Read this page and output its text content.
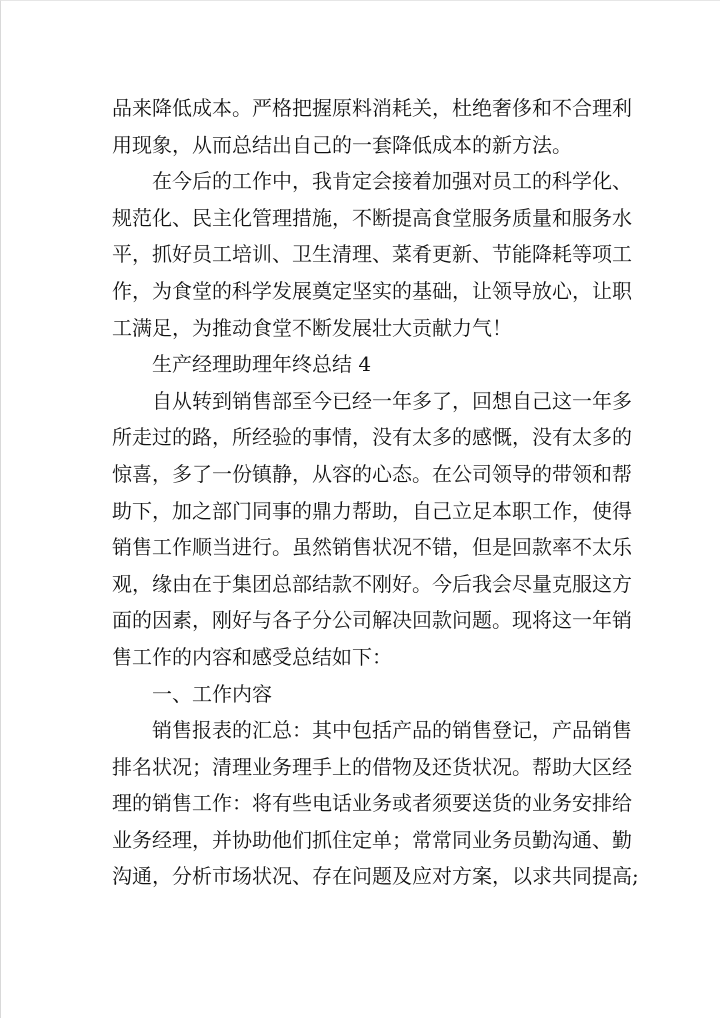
品来降低成本。严格把握原料消耗关，杜绝奢侈和不合理利
用现象，从而总结出自己的一套降低成本的新方法。
在今后的工作中，我肯定会接着加强对员工的科学化、
规范化、民主化管理措施，不断提高食堂服务质量和服务水
平，抓好员工培训、卫生清理、菜肴更新、节能降耗等项工
作，为食堂的科学发展奠定坚实的基础，让领导放心，让职
工满足，为推动食堂不断发展壮大贡献力气！
生产经理助理年终总结 4
自从转到销售部至今已经一年多了，回想自己这一年多
所走过的路，所经验的事情，没有太多的感慨，没有太多的
惊喜，多了一份镇静，从容的心态。在公司领导的带领和帮
助下，加之部门同事的鼎力帮助，自己立足本职工作，使得
销售工作顺当进行。虽然销售状况不错，但是回款率不太乐
观，缘由在于集团总部结款不刚好。今后我会尽量克服这方
面的因素，刚好与各子分公司解决回款问题。现将这一年销
售工作的内容和感受总结如下：
一、工作内容
销售报表的汇总：其中包括产品的销售登记，产品销售
排名状况；清理业务理手上的借物及还货状况。帮助大区经
理的销售工作：将有些电话业务或者须要送货的业务安排给
业务经理，并协助他们抓住定单；常常同业务员勤沟通、勤
沟通，分析市场状况、存在问题及应对方案，以求共同提高;
